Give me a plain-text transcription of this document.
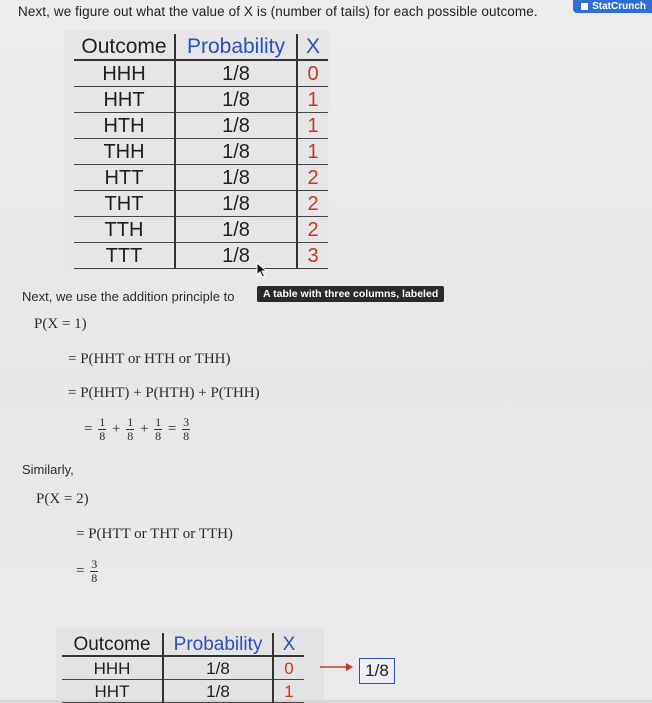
Next, we figure out what the value of X is (number of tails) for each possible outcome.	StatCrunch
Outcome	Probability	X
HHH	1/8	0
HHT	1/8	1
HTH	1/8	1
THH	1/8	1
HTT	1/8	2
THT	1/8	2
TTH	1/8	2
TTT	1/8	3
Next, we use the addition principle to	A table with three columns, labeled
P(X = 1)
= P(HHT or HTH or THH)
= P(HHT) + P(HTH) + P(THH)
= $\frac{1}{8} + \frac{1}{8} + \frac{1}{8} = \frac{3}{8}$
Similarly,
P(X = 2)
= P(HTT or THT or TTH)
= $\frac{3}{8}$
Outcome	Probability	X
HHH	1/8	0
HHT	1/8	1
1/8
